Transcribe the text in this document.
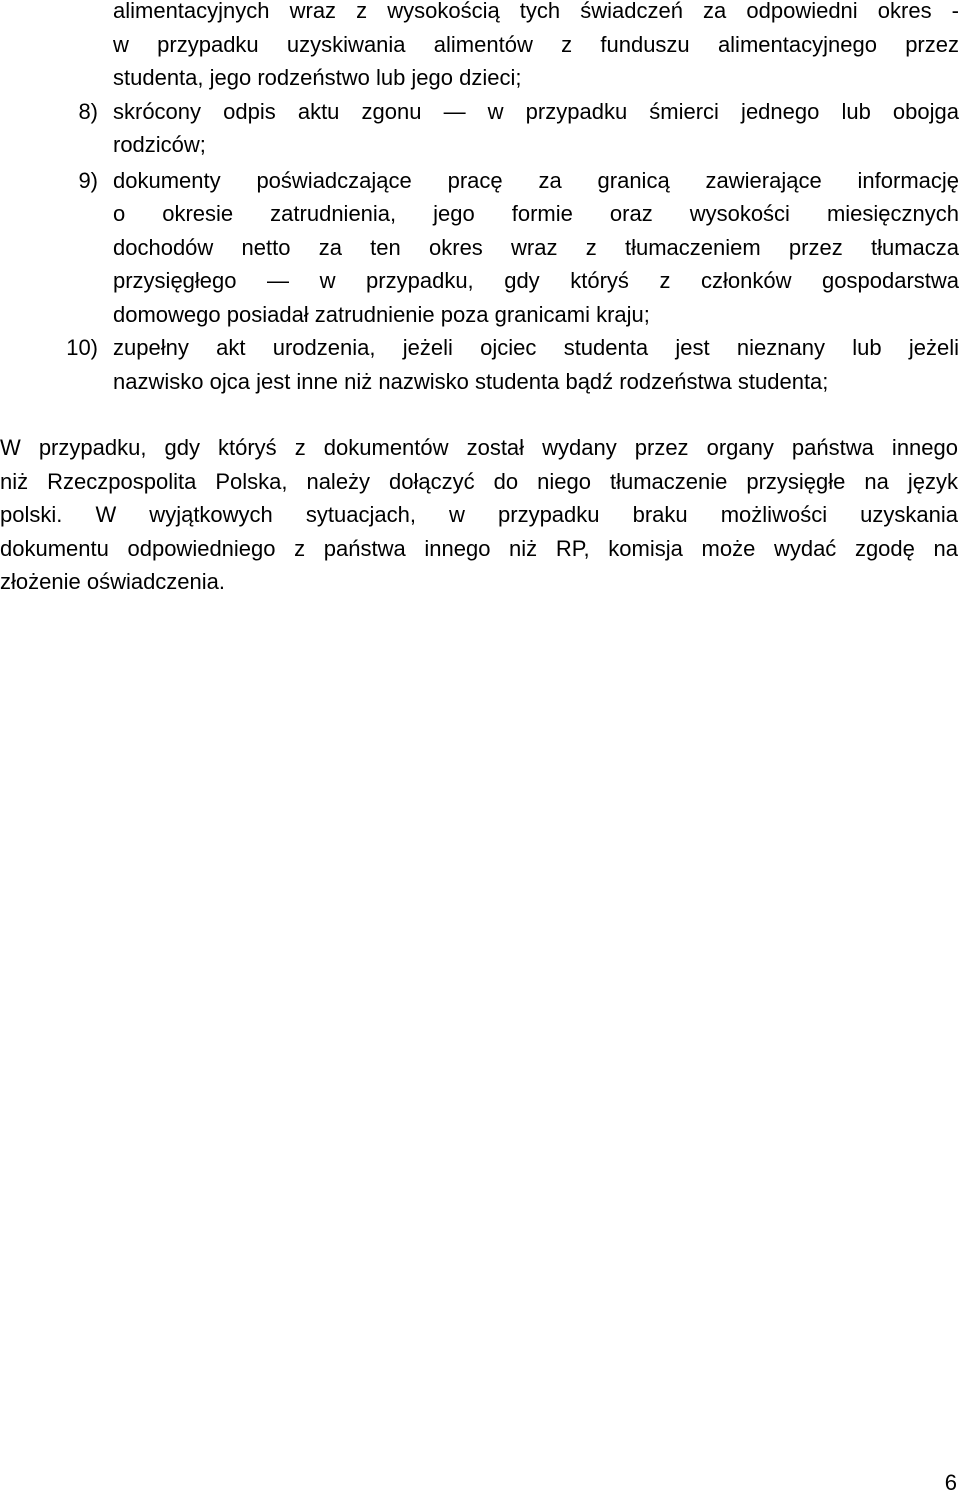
alimentacyjnych wraz z wysokością tych świadczeń za odpowiedni okres -
w przypadku uzyskiwania alimentów z funduszu alimentacyjnego przez
studenta, jego rodzeństwo lub jego dzieci;
8) skrócony odpis aktu zgonu — w przypadku śmierci jednego lub obojga
rodziców;
9) dokumenty poświadczające pracę za granicą zawierające informację
o okresie zatrudnienia, jego formie oraz wysokości miesięcznych
dochodów netto za ten okres wraz z tłumaczeniem przez tłumacza
przysięgłego — w przypadku, gdy któryś z członków gospodarstwa
domowego posiadał zatrudnienie poza granicami kraju;
10) zupełny akt urodzenia, jeżeli ojciec studenta jest nieznany lub jeżeli
nazwisko ojca jest inne niż nazwisko studenta bądź rodzeństwa studenta;
W przypadku, gdy któryś z dokumentów został wydany przez organy państwa innego
niż Rzeczpospolita Polska, należy dołączyć do niego tłumaczenie przysięgłe na język
polski. W wyjątkowych sytuacjach, w przypadku braku możliwości uzyskania
dokumentu odpowiedniego z państwa innego niż RP, komisja może wydać zgodę na
złożenie oświadczenia.
6
